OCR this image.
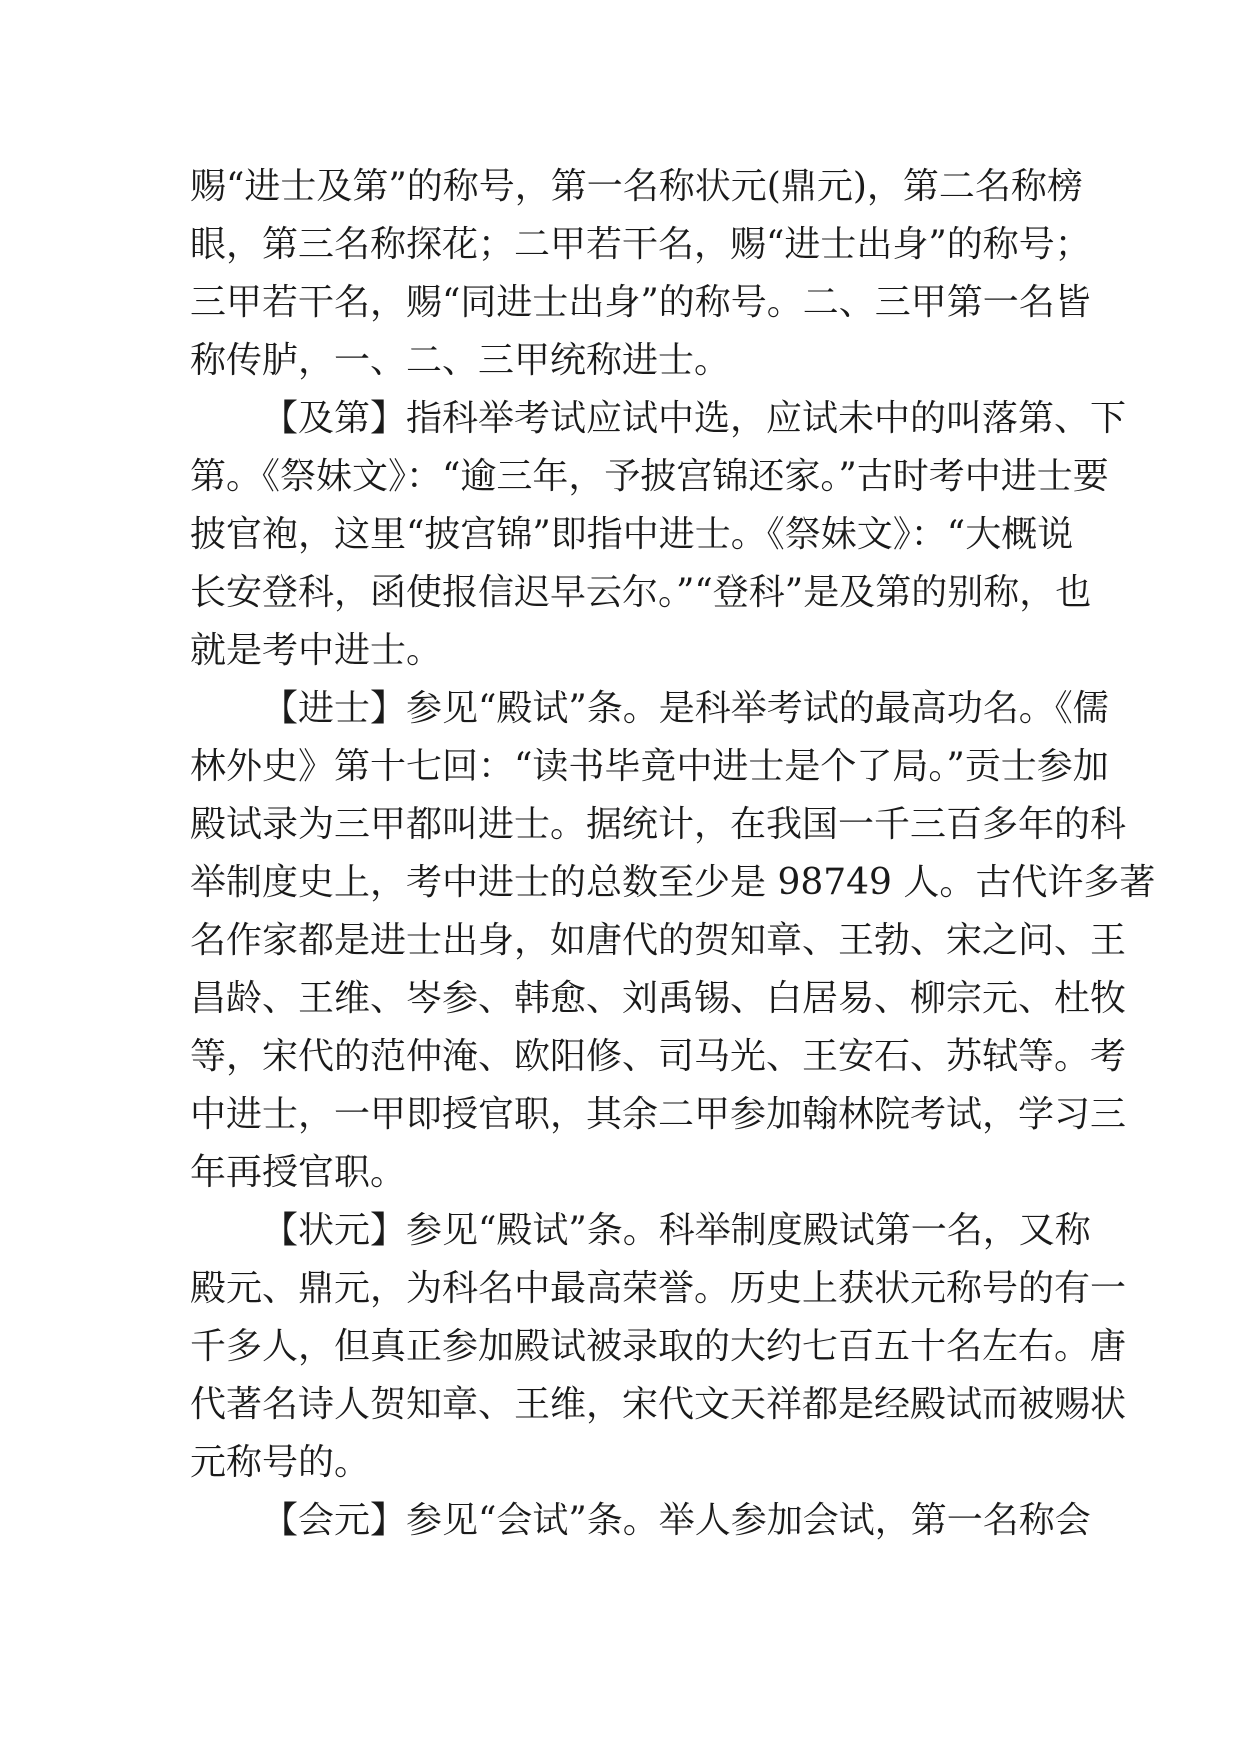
赐“进士及第”的称号，第一名称状元(鼎元)，第二名称榜
眼，第三名称探花；二甲若干名，赐“进士出身”的称号；
三甲若干名，赐“同进士出身”的称号。二、三甲第一名皆
称传胪，一、二、三甲统称进士。
【及第】指科举考试应试中选，应试未中的叫落第、下
第。《祭妹文》：“逾三年，予披宫锦还家。”古时考中进士要
披官袍，这里“披宫锦”即指中进士。《祭妹文》：“大概说
长安登科，函使报信迟早云尔。”“登科”是及第的别称，也
就是考中进士。
【进士】参见“殿试”条。是科举考试的最高功名。《儒
林外史》第十七回：“读书毕竟中进士是个了局。”贡士参加
殿试录为三甲都叫进士。据统计，在我国一千三百多年的科
举制度史上，考中进士的总数至少是 98749 人。古代许多著
名作家都是进士出身，如唐代的贺知章、王勃、宋之问、王
昌龄、王维、岑参、韩愈、刘禹锡、白居易、柳宗元、杜牧
等，宋代的范仲淹、欧阳修、司马光、王安石、苏轼等。考
中进士，一甲即授官职，其余二甲参加翰林院考试，学习三
年再授官职。
【状元】参见“殿试”条。科举制度殿试第一名，又称
殿元、鼎元，为科名中最高荣誉。历史上获状元称号的有一
千多人，但真正参加殿试被录取的大约七百五十名左右。唐
代著名诗人贺知章、王维，宋代文天祥都是经殿试而被赐状
元称号的。
【会元】参见“会试”条。举人参加会试，第一名称会
